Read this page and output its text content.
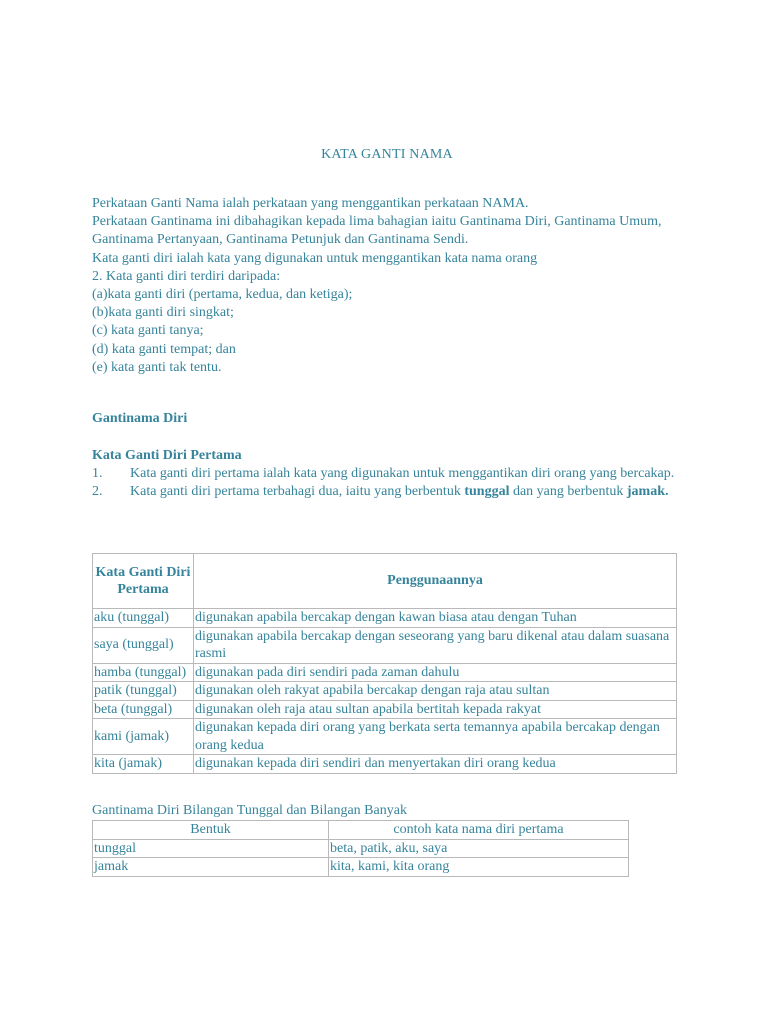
KATA GANTI NAMA

Perkataan Ganti Nama ialah perkataan yang menggantikan perkataan NAMA.

Perkataan Gantinama ini dibahagikan kepada lima bahagian iaitu Gantinama Diri, Gantinama Umum, Gantinama Pertanyaan, Gantinama Petunjuk dan Gantinama Sendi.

Kata ganti diri ialah kata yang digunakan untuk menggantikan kata nama orang

2. Kata ganti diri terdiri daripada:

(a)kata ganti diri (pertama, kedua, dan ketiga);

(b)kata ganti diri singkat;

(c) kata ganti tanya;

(d) kata ganti tempat; dan

(e) kata ganti tak tentu.

Gantinama Diri
Kata Ganti Diri Pertama

1. Kata ganti diri pertama ialah kata yang digunakan untuk menggantikan diri orang yang bercakap.

2. Kata ganti diri pertama terbahagi dua, iaitu yang berbentuk tunggal dan yang berbentuk jamak.

Kata Ganti Diri Pertama	Penggunaannya
aku (tunggal)	digunakan apabila bercakap dengan kawan biasa atau dengan Tuhan
saya (tunggal)	digunakan apabila bercakap dengan seseorang yang baru dikenal atau dalam suasana rasmi
hamba (tunggal)	digunakan pada diri sendiri pada zaman dahulu
patik (tunggal)	digunakan oleh rakyat apabila bercakap dengan raja atau sultan
beta (tunggal)	digunakan oleh raja atau sultan apabila bertitah kepada rakyat
kami (jamak)	digunakan kepada diri orang yang berkata serta temannya apabila bercakap dengan orang kedua
kita (jamak)	digunakan kepada diri sendiri dan menyertakan diri orang kedua
Gantinama Diri Bilangan Tunggal dan Bilangan Banyak
Bentuk	contoh kata nama diri pertama
tunggal	beta, patik, aku, saya
jamak	kita, kami, kita orang
